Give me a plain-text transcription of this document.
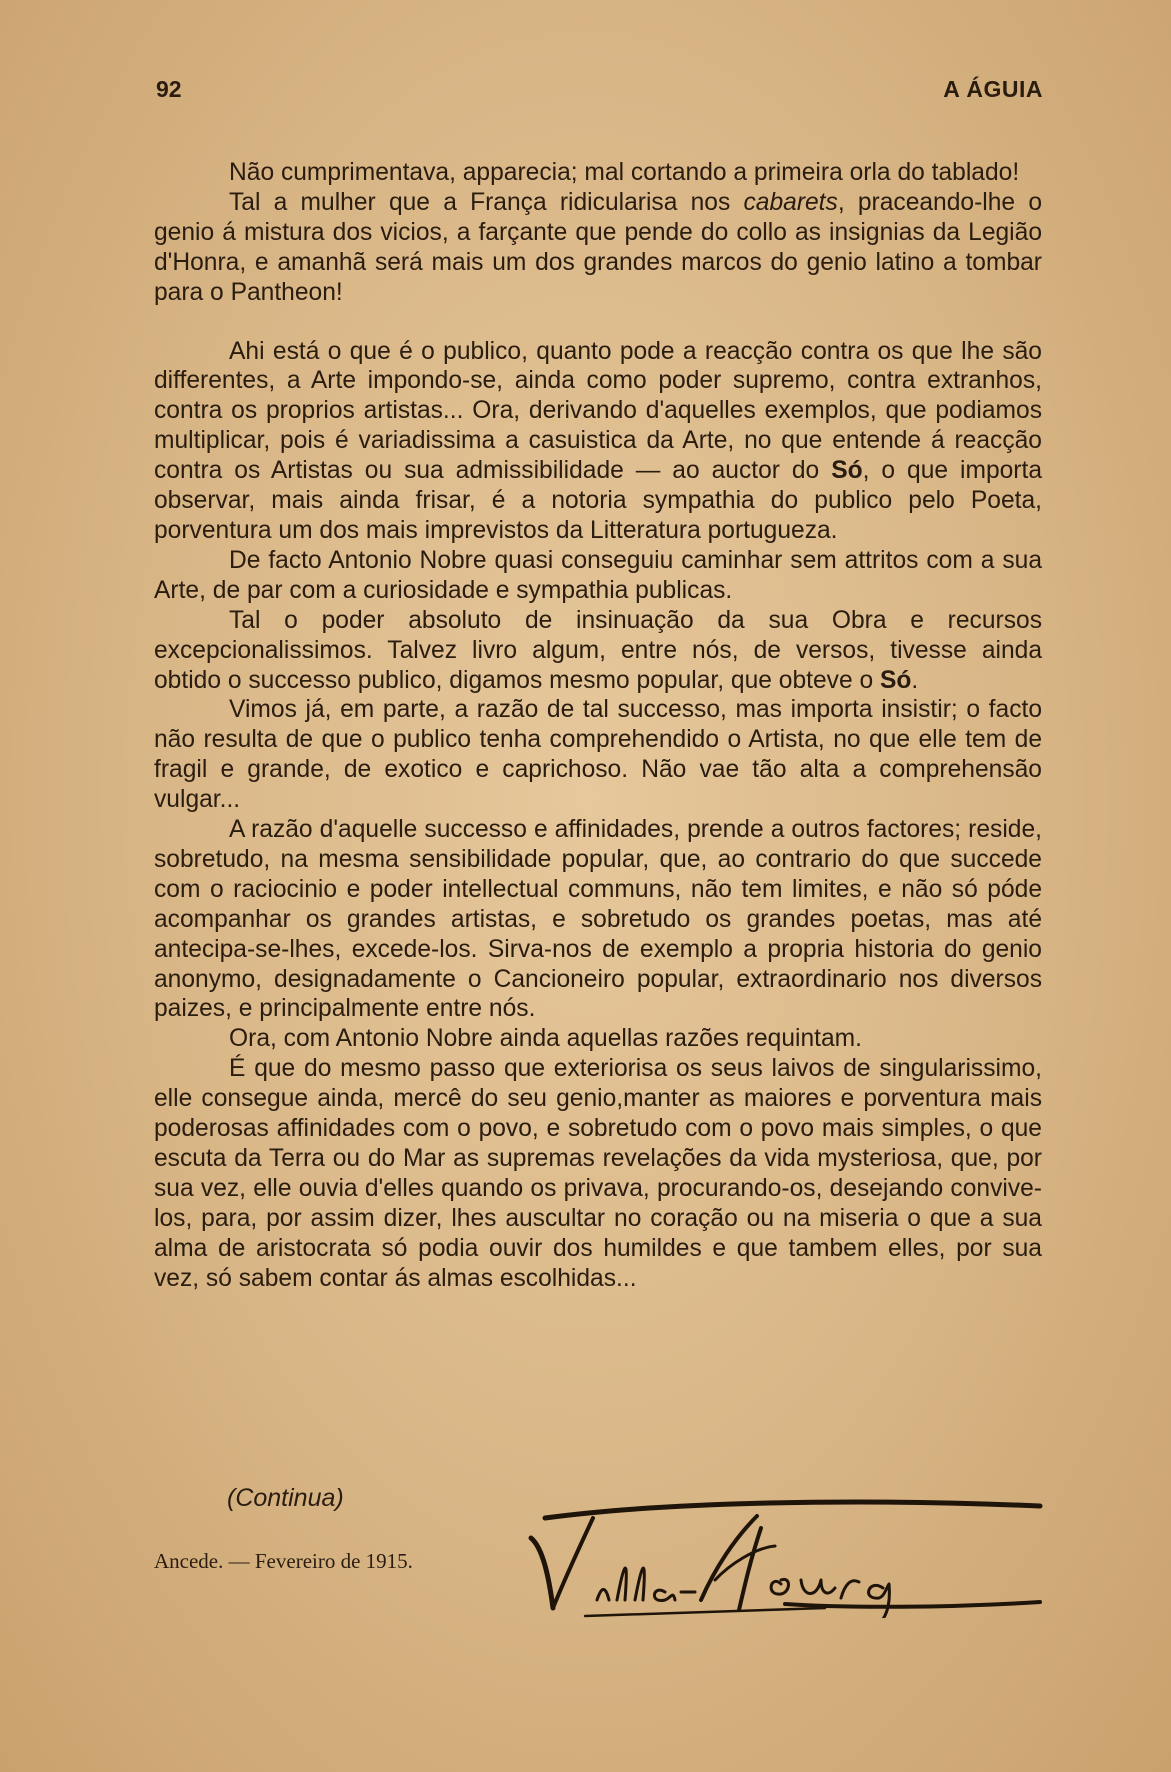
92	A ÁGUIA

Não cumprimentava, apparecia; mal cortando a primeira orla do tablado!

Tal a mulher que a França ridicularisa nos cabarets, praceando-lhe o genio á mistura dos vicios, a farçante que pende do collo as insignias da Legião d'Honra, e amanhã será mais um dos grandes marcos do genio latino a tombar para o Pantheon!

Ahi está o que é o publico, quanto pode a reacção contra os que lhe são differentes, a Arte impondo-se, ainda como poder supremo, contra extranhos, contra os proprios artistas... Ora, derivando d'aquelles exemplos, que podiamos multiplicar, pois é variadissima a casuistica da Arte, no que entende á reacção contra os Artistas ou sua admissibilidade — ao auctor do Só, o que importa observar, mais ainda frisar, é a notoria sympathia do publico pelo Poeta, porventura um dos mais imprevistos da Litteratura portugueza.

De facto Antonio Nobre quasi conseguiu caminhar sem attritos com a sua Arte, de par com a curiosidade e sympathia publicas.

Tal o poder absoluto de insinuação da sua Obra e recursos excepcionalissimos. Talvez livro algum, entre nós, de versos, tivesse ainda obtido o successo publico, digamos mesmo popular, que obteve o Só.

Vimos já, em parte, a razão de tal successo, mas importa insistir; o facto não resulta de que o publico tenha comprehendido o Artista, no que elle tem de fragil e grande, de exotico e caprichoso. Não vae tão alta a comprehensão vulgar...

A razão d'aquelle successo e affinidades, prende a outros factores; reside, sobretudo, na mesma sensibilidade popular, que, ao contrario do que succede com o raciocinio e poder intellectual communs, não tem limites, e não só póde acompanhar os grandes artistas, e sobretudo os grandes poetas, mas até antecipa-se-lhes, excede-los. Sirva-nos de exemplo a propria historia do genio anonymo, designadamente o Cancioneiro popular, extraordinario nos diversos paizes, e principalmente entre nós.

Ora, com Antonio Nobre ainda aquellas razões requintam.

É que do mesmo passo que exteriorisa os seus laivos de singularissimo, elle consegue ainda, mercê do seu genio,manter as maiores e porventura mais poderosas affinidades com o povo, e sobretudo com o povo mais simples, o que escuta da Terra ou do Mar as supremas revelações da vida mysteriosa, que, por sua vez, elle ouvia d'elles quando os privava, procurando-os, desejando convive-los, para, por assim dizer, lhes auscultar no coração ou na miseria o que a sua alma de aristocrata só podia ouvir dos humildes e que tambem elles, por sua vez, só sabem contar ás almas escolhidas...

(Continua)
Ancede. — Fevereiro de 1915.
